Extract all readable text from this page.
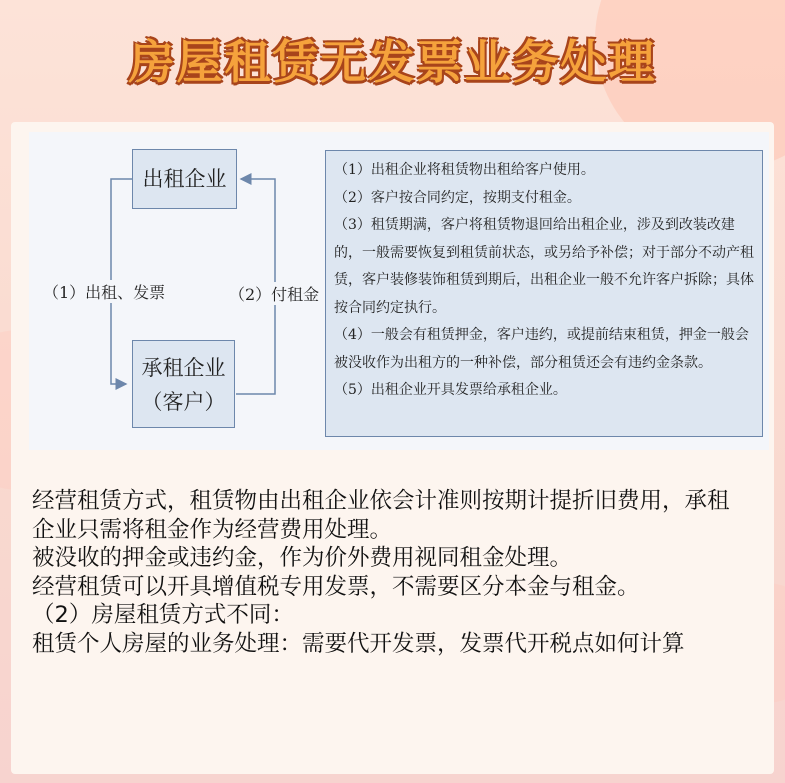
房屋租赁无发票业务处理
出租企业
承租企业
（客户）
（1）出租、发票	（2）付租金

（1）出租企业将租赁物出租给客户使用。

（2）客户按合同约定，按期支付租金。

（3）租赁期满，客户将租赁物退回给出租企业，涉及到改装改建的，一般需要恢复到租赁前状态，或另给予补偿；对于部分不动产租赁，客户装修装饰租赁到期后，出租企业一般不允许客户拆除；具体按合同约定执行。

（4）一般会有租赁押金，客户违约，或提前结束租赁，押金一般会被没收作为出租方的一种补偿，部分租赁还会有违约金条款。

（5）出租企业开具发票给承租企业。

经营租赁方式，租赁物由出租企业依会计准则按期计提折旧费用，承租企业只需将租金作为经营费用处理。

被没收的押金或违约金，作为价外费用视同租金处理。

经营租赁可以开具增值税专用发票，不需要区分本金与租金。

（2）房屋租赁方式不同：

租赁个人房屋的业务处理：需要代开发票，发票代开税点如何计算
